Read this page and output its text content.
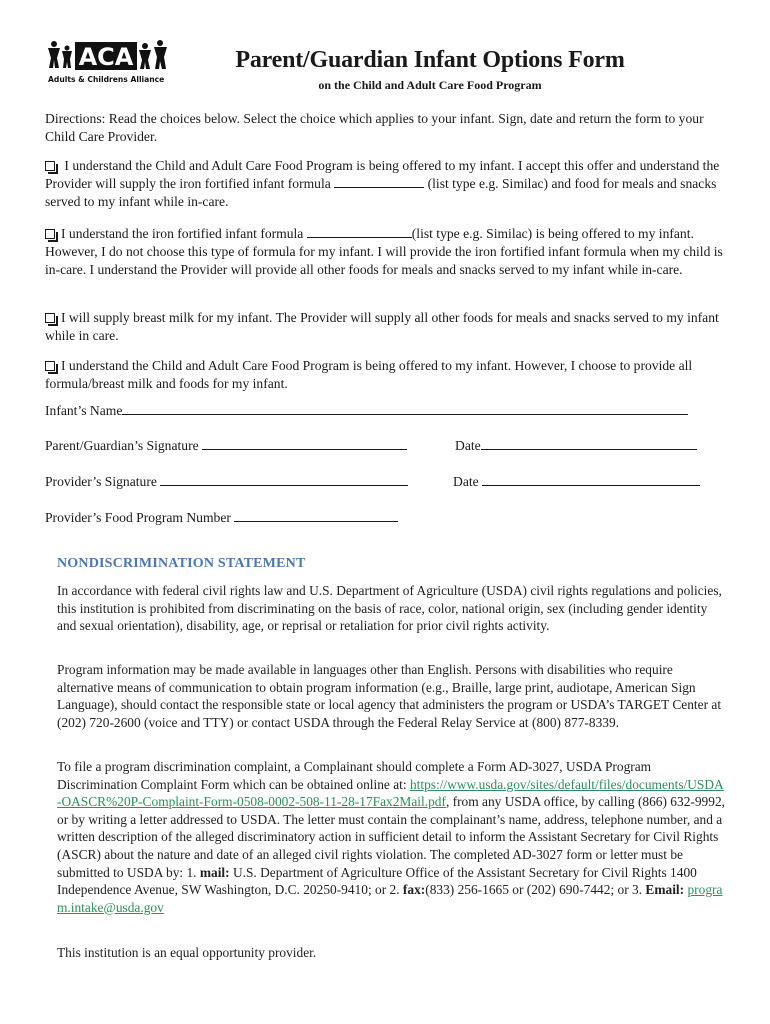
ACA
Adults & Childrens Alliance
Parent/Guardian Infant Options Form
on the Child and Adult Care Food Program
Directions: Read the choices below. Select the choice which applies to your infant. Sign, date and return the form to your Child Care Provider.
I understand the Child and Adult Care Food Program is being offered to my infant. I accept this offer and understand the Provider will supply the iron fortified infant formula	(list type e.g. Similac) and food for meals and snacks served to my infant while in-care.
I understand the iron fortified infant formula	(list type e.g. Similac) is being offered to my infant. However, I do not choose this type of formula for my infant. I will provide the iron fortified infant formula when my child is in-care. I understand the Provider will provide all other foods for meals and snacks served to my infant while in-care.
I will supply breast milk for my infant. The Provider will supply all other foods for meals and snacks served to my infant while in care.
I understand the Child and Adult Care Food Program is being offered to my infant. However, I choose to provide all formula/breast milk and foods for my infant.
Infant’s Name
Parent/Guardian’s Signature	Date
Provider’s Signature	Date
Provider’s Food Program Number
NONDISCRIMINATION STATEMENT
In accordance with federal civil rights law and U.S. Department of Agriculture (USDA) civil rights regulations and policies, this institution is prohibited from discriminating on the basis of race, color, national origin, sex (including gender identity and sexual orientation), disability, age, or reprisal or retaliation for prior civil rights activity.
Program information may be made available in languages other than English. Persons with disabilities who require alternative means of communication to obtain program information (e.g., Braille, large print, audiotape, American Sign Language), should contact the responsible state or local agency that administers the program or USDA’s TARGET Center at (202) 720-2600 (voice and TTY) or contact USDA through the Federal Relay Service at (800) 877-8339.
To file a program discrimination complaint, a Complainant should complete a Form AD-3027, USDA Program Discrimination Complaint Form which can be obtained online at: https://www.usda.gov/sites/default/files/documents/USDA-OASCR%20P-Complaint-Form-0508-0002-508-11-28-17Fax2Mail.pdf, from any USDA office, by calling (866) 632-9992, or by writing a letter addressed to USDA. The letter must contain the complainant’s name, address, telephone number, and a written description of the alleged discriminatory action in sufficient detail to inform the Assistant Secretary for Civil Rights (ASCR) about the nature and date of an alleged civil rights violation. The completed AD-3027 form or letter must be submitted to USDA by: 1. mail: U.S. Department of Agriculture Office of the Assistant Secretary for Civil Rights 1400 Independence Avenue, SW Washington, D.C. 20250-9410; or 2. fax:(833) 256-1665 or (202) 690-7442; or 3. Email: program.intake@usda.gov
This institution is an equal opportunity provider.
